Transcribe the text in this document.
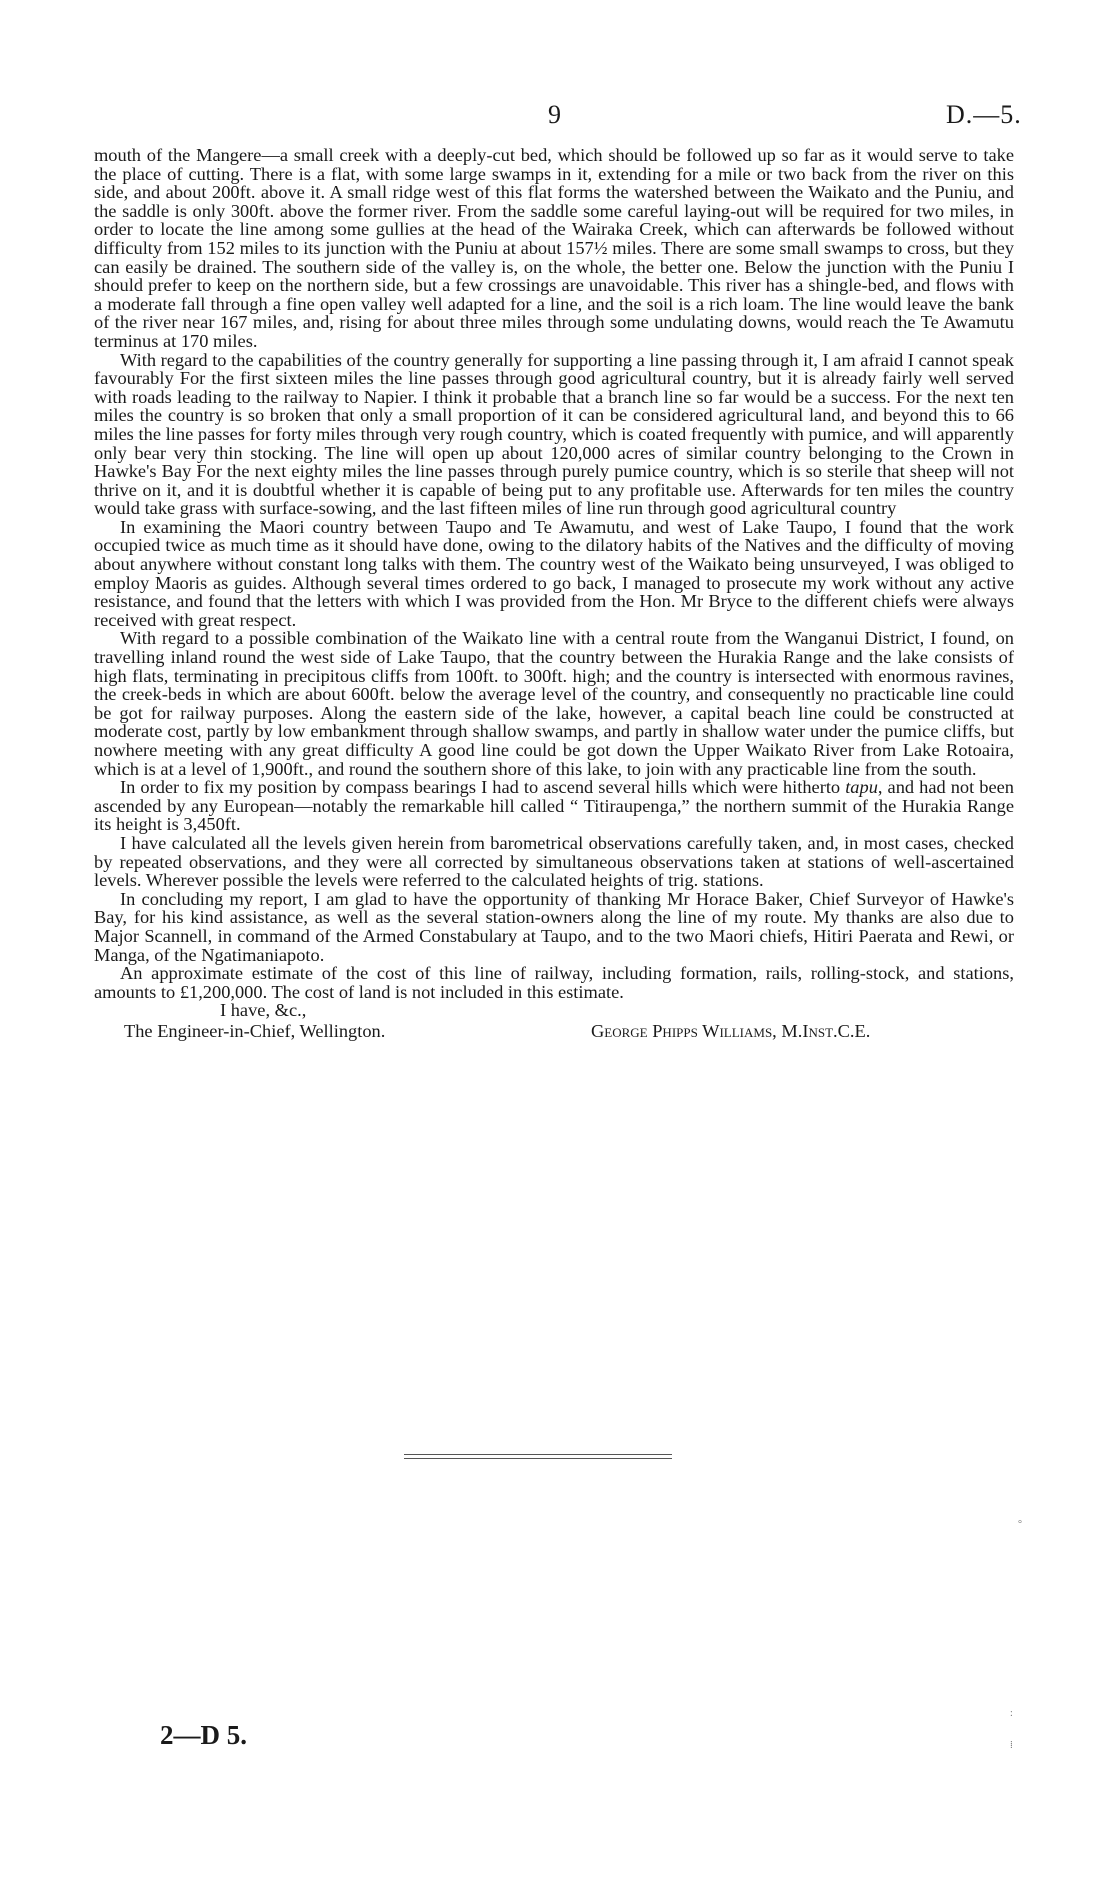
9	D.—5.

mouth of the Mangere—a small creek with a deeply-cut bed, which should be followed up so far as it would serve to take the place of cutting. There is a flat, with some large swamps in it, extending for a mile or two back from the river on this side, and about 200ft. above it. A small ridge west of this flat forms the watershed between the Waikato and the Puniu, and the saddle is only 300ft. above the former river. From the saddle some careful laying-out will be required for two miles, in order to locate the line among some gullies at the head of the Wairaka Creek, which can afterwards be followed without difficulty from 152 miles to its junction with the Puniu at about 157½ miles. There are some small swamps to cross, but they can easily be drained. The southern side of the valley is, on the whole, the better one. Below the junction with the Puniu I should prefer to keep on the northern side, but a few crossings are unavoidable. This river has a shingle-bed, and flows with a moderate fall through a fine open valley well adapted for a line, and the soil is a rich loam. The line would leave the bank of the river near 167 miles, and, rising for about three miles through some undulating downs, would reach the Te Awamutu terminus at 170 miles.

With regard to the capabilities of the country generally for supporting a line passing through it, I am afraid I cannot speak favourably For the first sixteen miles the line passes through good agricultural country, but it is already fairly well served with roads leading to the railway to Napier. I think it probable that a branch line so far would be a success. For the next ten miles the country is so broken that only a small proportion of it can be considered agricultural land, and beyond this to 66 miles the line passes for forty miles through very rough country, which is coated frequently with pumice, and will apparently only bear very thin stocking. The line will open up about 120,000 acres of similar country belonging to the Crown in Hawke's Bay For the next eighty miles the line passes through purely pumice country, which is so sterile that sheep will not thrive on it, and it is doubtful whether it is capable of being put to any profitable use. Afterwards for ten miles the country would take grass with surface-sowing, and the last fifteen miles of line run through good agricultural country

In examining the Maori country between Taupo and Te Awamutu, and west of Lake Taupo, I found that the work occupied twice as much time as it should have done, owing to the dilatory habits of the Natives and the difficulty of moving about anywhere without constant long talks with them. The country west of the Waikato being unsurveyed, I was obliged to employ Maoris as guides. Although several times ordered to go back, I managed to prosecute my work without any active resistance, and found that the letters with which I was provided from the Hon. Mr Bryce to the different chiefs were always received with great respect.

With regard to a possible combination of the Waikato line with a central route from the Wanganui District, I found, on travelling inland round the west side of Lake Taupo, that the country between the Hurakia Range and the lake consists of high flats, terminating in precipitous cliffs from 100ft. to 300ft. high; and the country is intersected with enormous ravines, the creek-beds in which are about 600ft. below the average level of the country, and consequently no practicable line could be got for railway purposes. Along the eastern side of the lake, however, a capital beach line could be constructed at moderate cost, partly by low embankment through shallow swamps, and partly in shallow water under the pumice cliffs, but nowhere meeting with any great difficulty A good line could be got down the Upper Waikato River from Lake Rotoaira, which is at a level of 1,900ft., and round the southern shore of this lake, to join with any practicable line from the south.

In order to fix my position by compass bearings I had to ascend several hills which were hitherto tapu, and had not been ascended by any European—notably the remarkable hill called “ Titiraupenga,” the northern summit of the Hurakia Range its height is 3,450ft.

I have calculated all the levels given herein from barometrical observations carefully taken, and, in most cases, checked by repeated observations, and they were all corrected by simultaneous observations taken at stations of well-ascertained levels. Wherever possible the levels were referred to the calculated heights of trig. stations.

In concluding my report, I am glad to have the opportunity of thanking Mr Horace Baker, Chief Surveyor of Hawke's Bay, for his kind assistance, as well as the several station-owners along the line of my route. My thanks are also due to Major Scannell, in command of the Armed Constabulary at Taupo, and to the two Maori chiefs, Hitiri Paerata and Rewi, or Manga, of the Ngatimaniapoto.

An approximate estimate of the cost of this line of railway, including formation, rails, rolling-stock, and stations, amounts to £1,200,000. The cost of land is not included in this estimate.

I have, &c.,

The Engineer-in-Chief, Wellington.	George Phipps Williams, M.Inst.C.E.
°
:
⁞
2—D 5.
